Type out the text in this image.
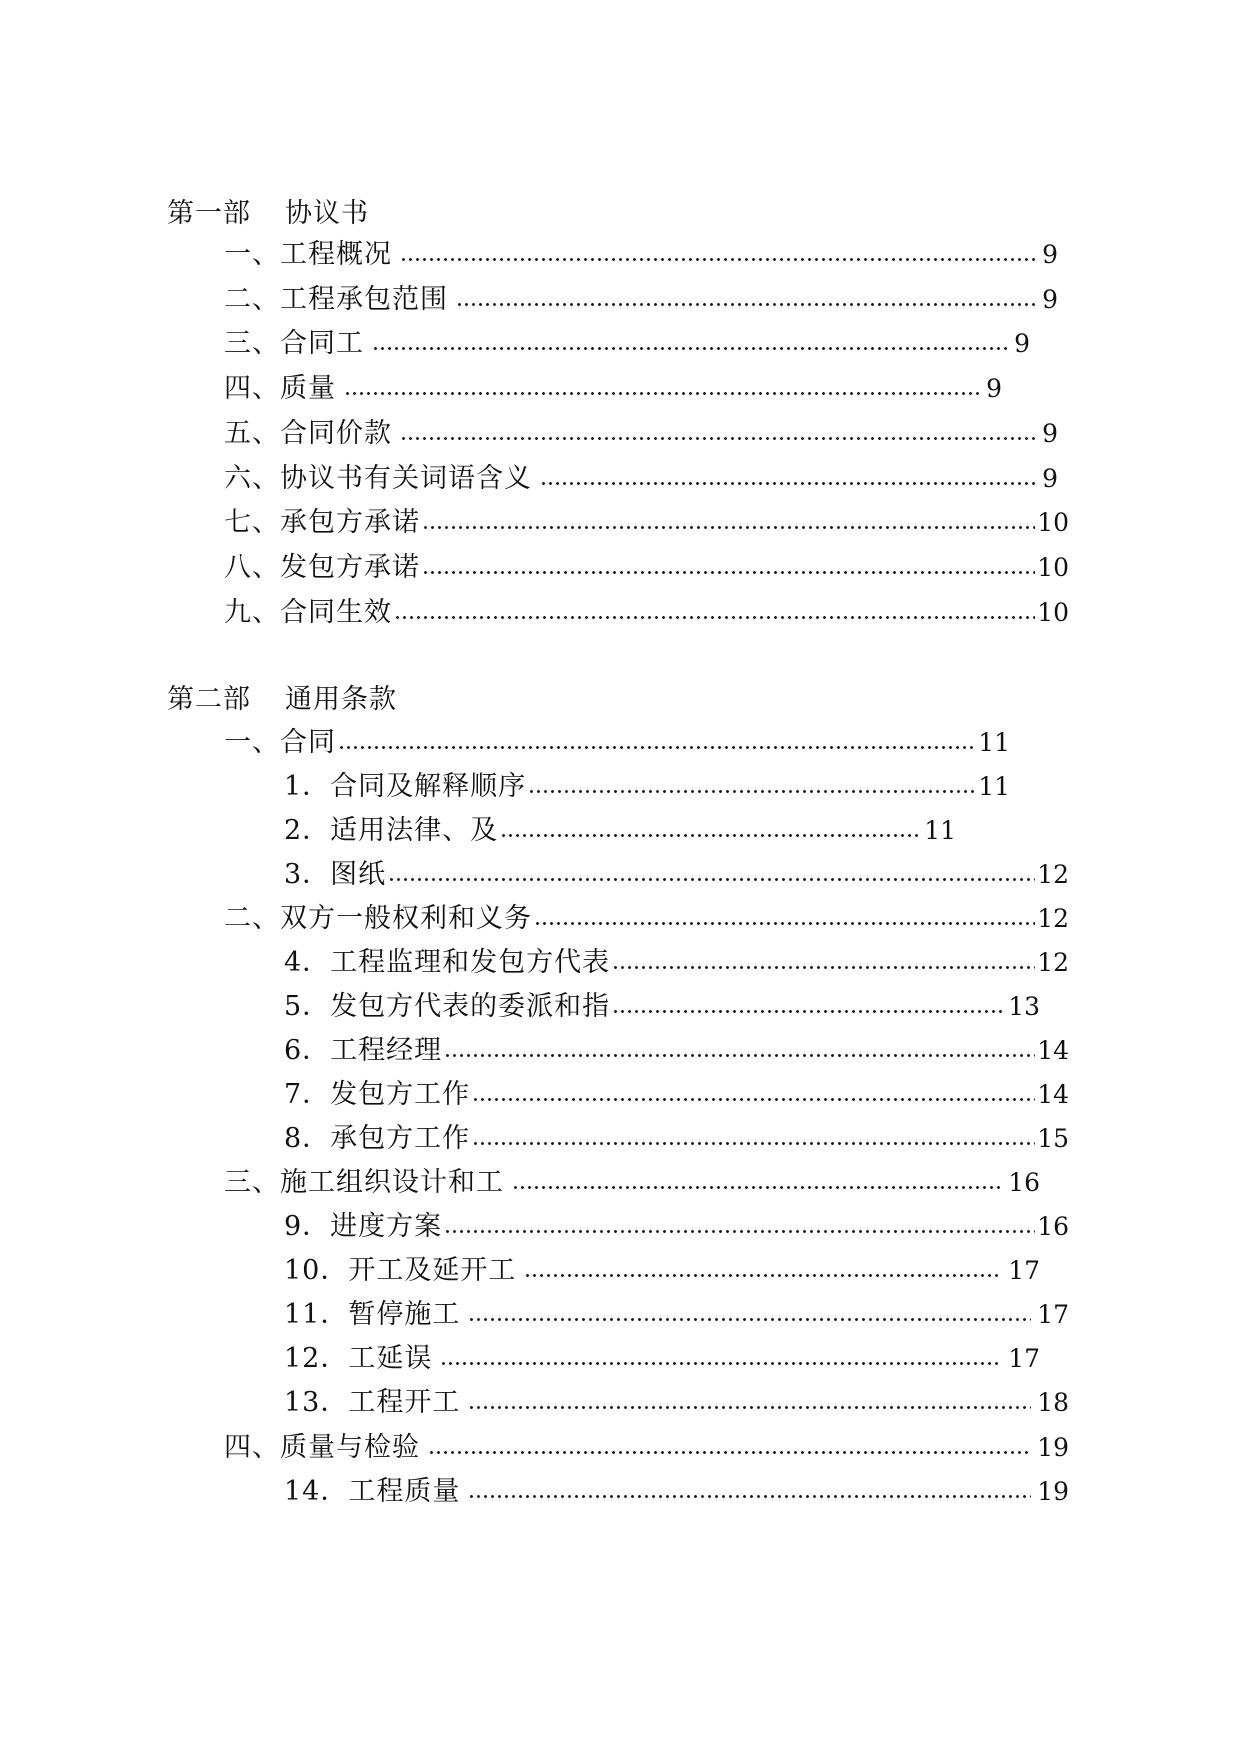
第一部 协议书
一、工程概况	9
二、工程承包范围	9
三、合同工	9
四、质量	9
五、合同价款	9
六、协议书有关词语含义	9
七、承包方承诺	10
八、发包方承诺	10
九、合同生效	10
第二部 通用条款
一、合同	11
1．合同及解释顺序	11
2．适用法律、及	11
3．图纸	12
二、双方一般权利和义务	12
4．工程监理和发包方代表	12
5．发包方代表的委派和指	13
6．工程经理	14
7．发包方工作	14
8．承包方工作	15
三、施工组织设计和工	16
9．进度方案	16
10．开工及延开工	17
11．暂停施工	17
12．工延误	17
13．工程开工	18
四、质量与检验	19
14．工程质量	19
